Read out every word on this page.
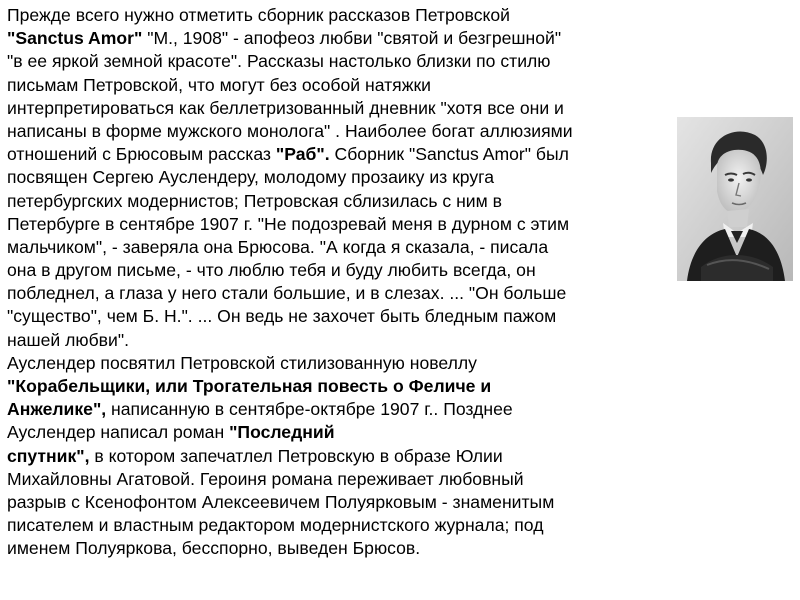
Прежде всего нужно отметить сборник рассказов Петровской
"Sanctus Amor" "М., 1908" - апофеоз любви "святой и безгрешной"
"в ее яркой земной красоте". Рассказы настолько близки по стилю
письмам Петровской, что могут без особой натяжки
интерпретироваться как беллетризованный дневник "хотя все они и
написаны в форме мужского монолога" . Наиболее богат аллюзиями
отношений с Брюсовым рассказ "Раб". Сборник "Sanctus Amor" был
посвящен Сергею Ауслендеру, молодому прозаику из круга
петербургских модернистов; Петровская сблизилась с ним в
Петербурге в сентябре 1907 г. "Не подозревай меня в дурном с этим
мальчиком", - заверяла она Брюсова. "А когда я сказала, - писала
она в другом письме, - что люблю тебя и буду любить всегда, он
побледнел, а глаза у него стали большие, и в слезах. ... "Он больше
"существо", чем Б. Н.". ... Он ведь не захочет быть бледным пажом
нашей любви".
Ауслендер посвятил Петровской стилизованную новеллу
"Корабельщики, или Трогательная повесть о Феличе и
Анжелике", написанную в сентябре-октябре 1907 г.. Позднее
Ауслендер написал роман "Последний
спутник", в котором запечатлел Петровскую в образе Юлии
Михайловны Агатовой. Героиня романа переживает любовный
разрыв с Ксенофонтом Алексеевичем Полуярковым - знаменитым
писателем и властным редактором модернистского журнала; под
именем Полуяркова, бесспорно, выведен Брюсов.
